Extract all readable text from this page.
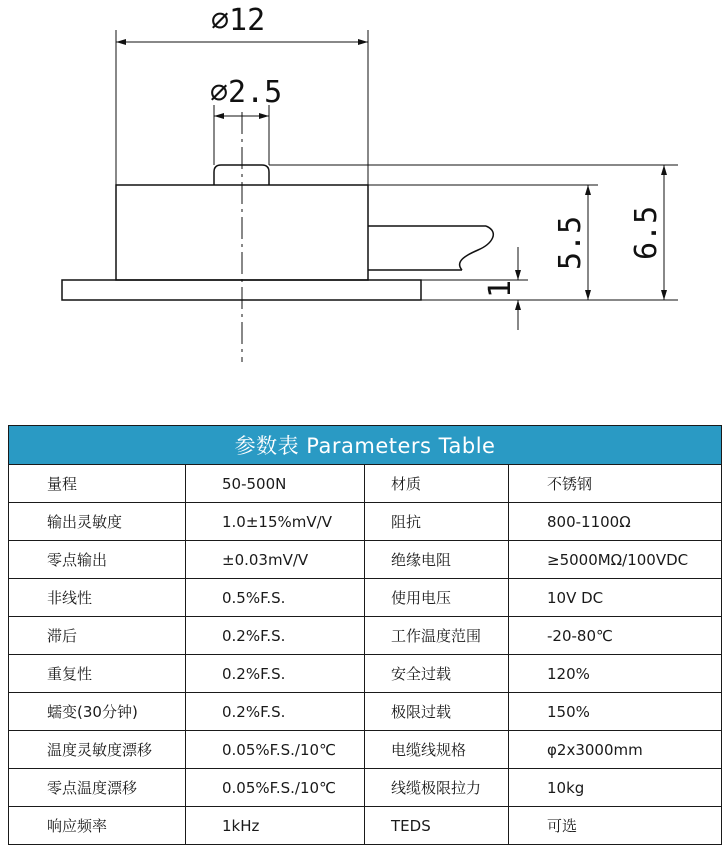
⌀12
⌀2.5
6.5
5.5
1
参数表 Parameters Table			
量程	50-500N	材质	不锈钢
输出灵敏度	1.0±15%mV/V	阻抗	800-1100Ω
零点输出	±0.03mV/V	绝缘电阻	≥5000MΩ/100VDC
非线性	0.5%F.S.	使用电压	10V DC
滞后	0.2%F.S.	工作温度范围	-20-80℃
重复性	0.2%F.S.	安全过载	120%
蠕变(30分钟)	0.2%F.S.	极限过载	150%
温度灵敏度漂移	0.05%F.S./10℃	电缆线规格	φ2x3000mm
零点温度漂移	0.05%F.S./10℃	线缆极限拉力	10kg
响应频率	1kHz	TEDS	可选
